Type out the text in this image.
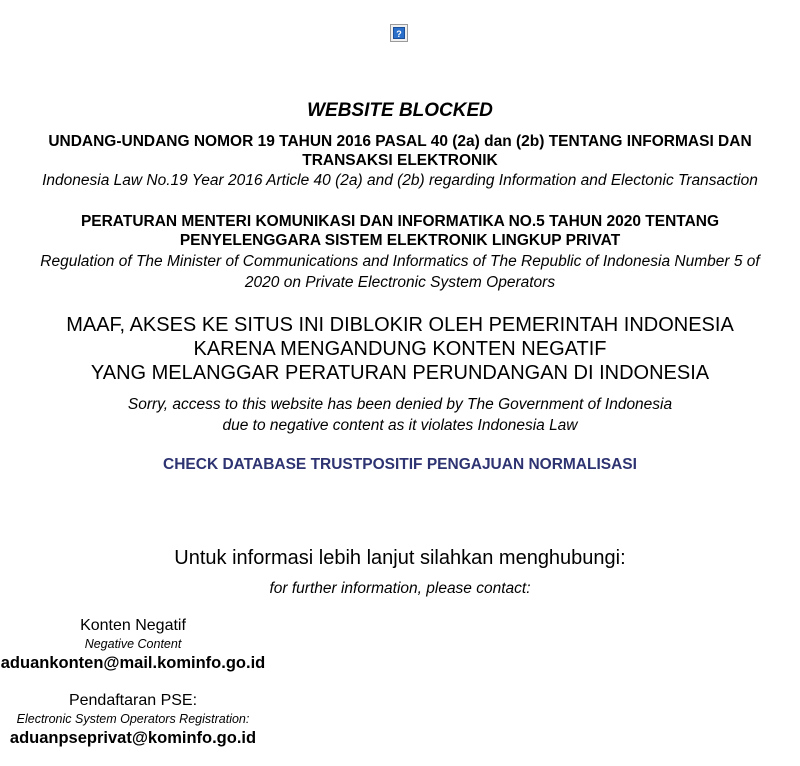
?
WEBSITE BLOCKED
UNDANG-UNDANG NOMOR 19 TAHUN 2016 PASAL 40 (2a) dan (2b) TENTANG INFORMASI DAN TRANSAKSI ELEKTRONIK
Indonesia Law No.19 Year 2016 Article 40 (2a) and (2b) regarding Information and Electonic Transaction
PERATURAN MENTERI KOMUNIKASI DAN INFORMATIKA NO.5 TAHUN 2020 TENTANG PENYELENGGARA SISTEM ELEKTRONIK LINGKUP PRIVAT
Regulation of The Minister of Communications and Informatics of The Republic of Indonesia Number 5 of 2020 on Private Electronic System Operators
MAAF, AKSES KE SITUS INI DIBLOKIR OLEH PEMERINTAH INDONESIA
KARENA MENGANDUNG KONTEN NEGATIF
YANG MELANGGAR PERATURAN PERUNDANGAN DI INDONESIA
Sorry, access to this website has been denied by The Government of Indonesia
due to negative content as it violates Indonesia Law
CHECK DATABASE TRUSTPOSITIF PENGAJUAN NORMALISASI
Untuk informasi lebih lanjut silahkan menghubungi:
for further information, please contact:
Konten Negatif
Negative Content
aduankonten@mail.kominfo.go.id
Pendaftaran PSE:
Electronic System Operators Registration:
aduanpseprivat@kominfo.go.id
